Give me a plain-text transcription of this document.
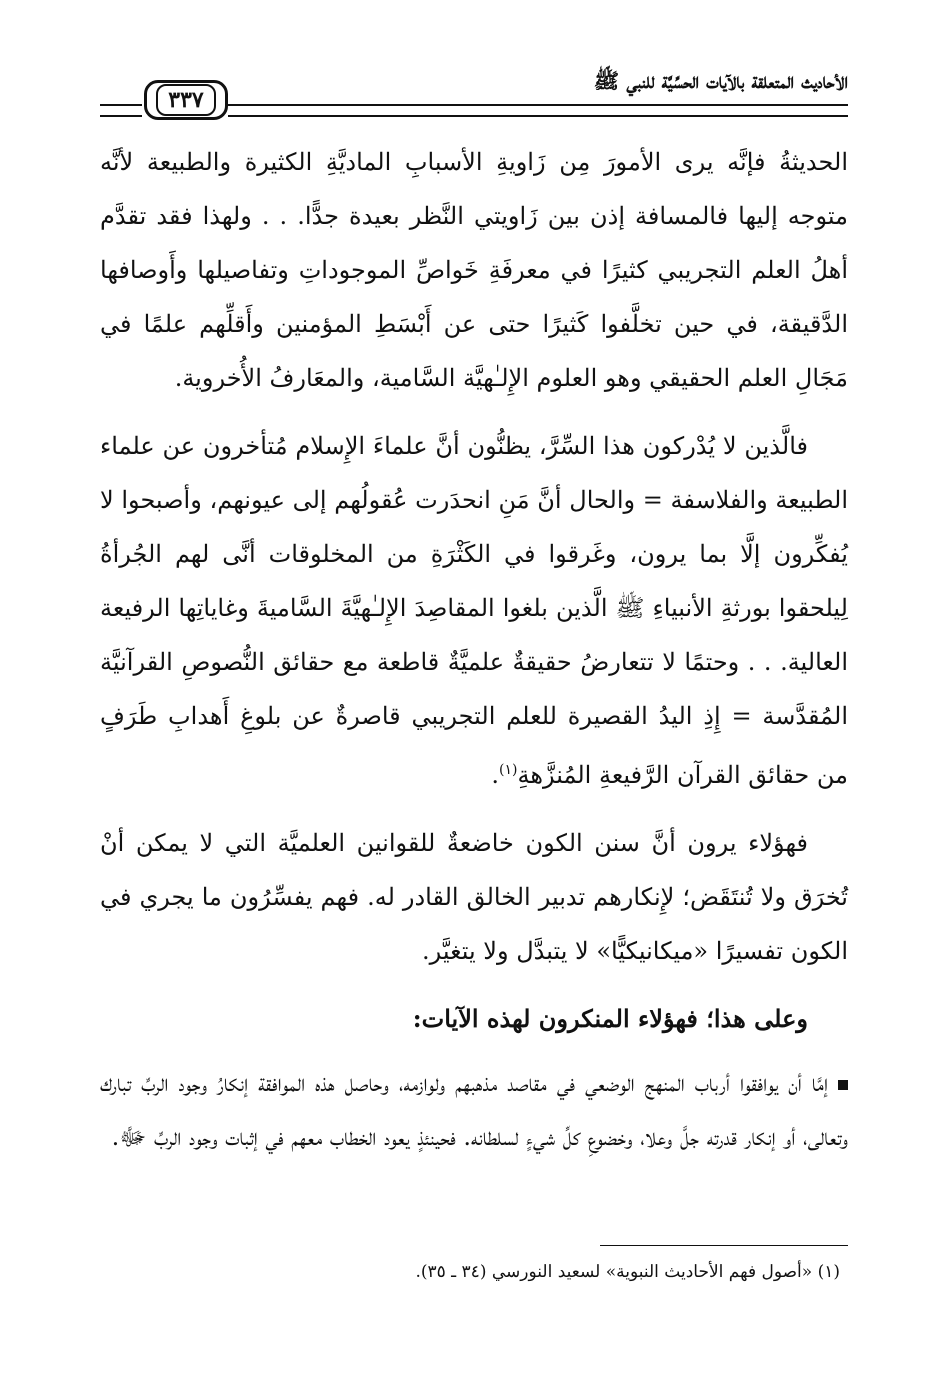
الأحاديث المتعلقة بالآيات الحسِّيَّة للنبي ﷺ
٣٣٧

الحديثةُ فإنَّه يرى الأمورَ مِن زَاويةِ الأسبابِ الماديَّةِ الكثيرة والطبيعة لأنَّه متوجه إليها فالمسافة إذن بين زَاويتي النَّظر بعيدة جدًّا. . . ولهذا فقد تقدَّم أهلُ العلم التجريبي كثيرًا في معرفَةِ خَواصِّ الموجوداتِ وتفاصيلها وأَوصافها الدَّقيقة، في حين تخلَّفوا كَثيرًا حتى عن أَبْسَطِ المؤمنين وأَقلِّهم علمًا في مَجَالِ العلم الحقيقي وهو العلوم الإِلـٰهيَّة السَّامية، والمعَارفُ الأُخروية.

فالَّذين لا يُدْركون هذا السِّرَّ، يظنُّون أنَّ علماءَ الإِسلام مُتأخرون عن علماء الطبيعة والفلاسفة = والحال أنَّ مَنِ انحدَرت عُقولُهم إلى عيونهم، وأصبحوا لا يُفكِّرون إلَّا بما يرون، وغَرقوا في الكَثْرَةِ من المخلوقات أنَّى لهم الجُرأةُ لِيلحقوا بورثةِ الأنبياءِ ﷺ الَّذين بلغوا المقاصِدَ الإِلـٰهيَّةَ السَّاميةَ وغاياتِها الرفيعة العالية. . . وحتمًا لا تتعارضُ حقيقةٌ علميَّةٌ قاطعة مع حقائق النُّصوصِ القرآنيَّة المُقدَّسة = إِذِ اليدُ القصيرة للعلم التجريبي قاصرةٌ عن بلوغِ أَهدابِ طَرَفٍ من حقائق القرآن الرَّفيعةِ المُنزَّهةِ$^{(١)}$.

فهؤلاء يرون أنَّ سنن الكون خاضعةٌ للقوانين العلميَّة التي لا يمكن أنْ تُخرَق ولا تُنتَقَض؛ لإِنكارهم تدبير الخالق القادر له. فهم يفسِّرُون ما يجري في الكون تفسيرًا «ميكانيكيًّا» لا يتبدَّل ولا يتغيَّر.

وعلى هذا؛ فهؤلاء المنكرون لهذه الآيات:

إمَّا أن يوافقوا أرباب المنهج الوضعي في مقاصد مذهبهم ولوازمه، وحاصل هذه الموافقة إنكارُ وجود الربِّ تبارك وتعالى، أو إنكار قدرته جلَّ وعلا، وخضوعِ كلِّ شيءٍ لسلطانه. فحينئذٍ يعود الخطاب معهم في إثبات وجود الربِّ ﷻ.

(١) «أصول فهم الأحاديث النبوية» لسعيد النورسي (٣٤ ـ ٣٥).
